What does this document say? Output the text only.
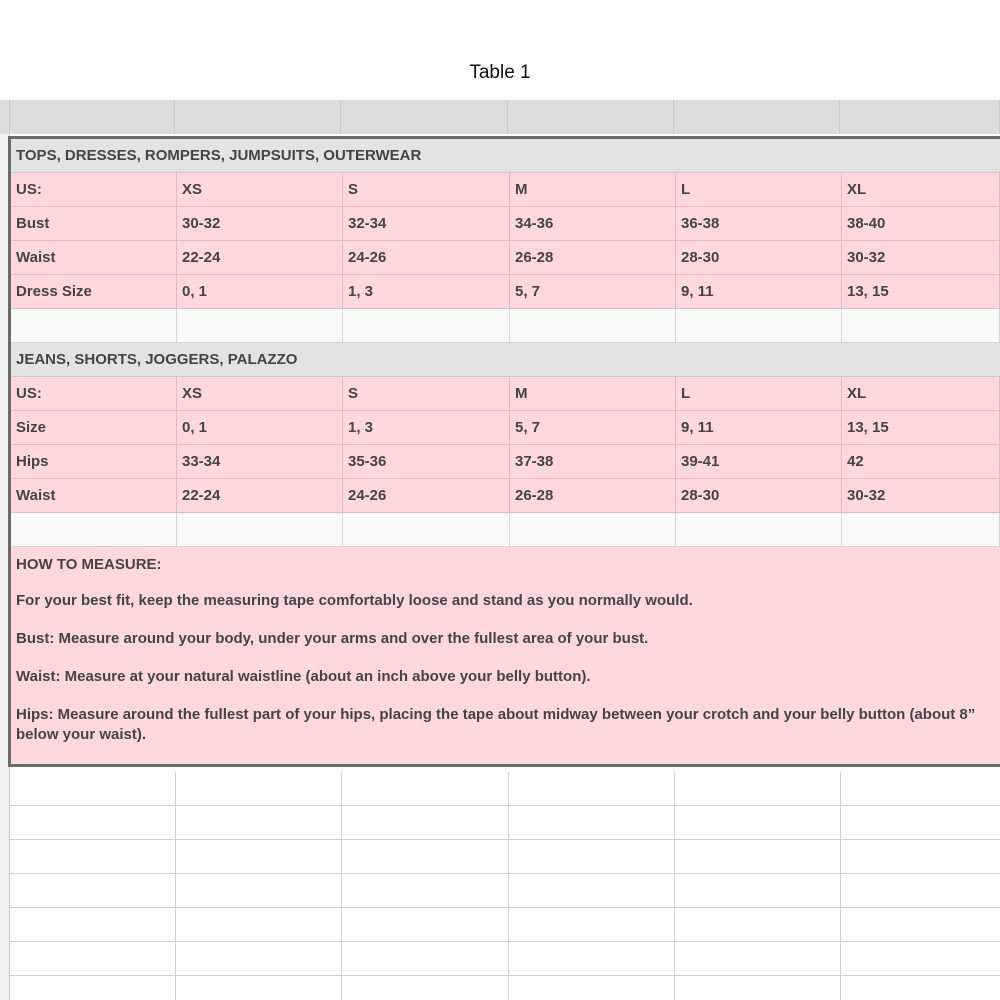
Table 1
TOPS, DRESSES, ROMPERS, JUMPSUITS, OUTERWEAR
US:	XS	S	M	L	XL
Bust	30-32	32-34	34-36	36-38	38-40
Waist	22-24	24-26	26-28	28-30	30-32
Dress Size	0, 1	1, 3	5, 7	9, 11	13, 15
JEANS, SHORTS, JOGGERS, PALAZZO
US:	XS	S	M	L	XL
Size	0, 1	1, 3	5, 7	9, 11	13, 15
Hips	33-34	35-36	37-38	39-41	42
Waist	22-24	24-26	26-28	28-30	30-32

HOW TO MEASURE:

For your best fit, keep the measuring tape comfortably loose and stand as you normally would.

Bust: Measure around your body, under your arms and over the fullest area of your bust.

Waist: Measure at your natural waistline (about an inch above your belly button).

Hips: Measure around the fullest part of your hips, placing the tape about midway between your crotch and your belly button (about 8” below your waist).
